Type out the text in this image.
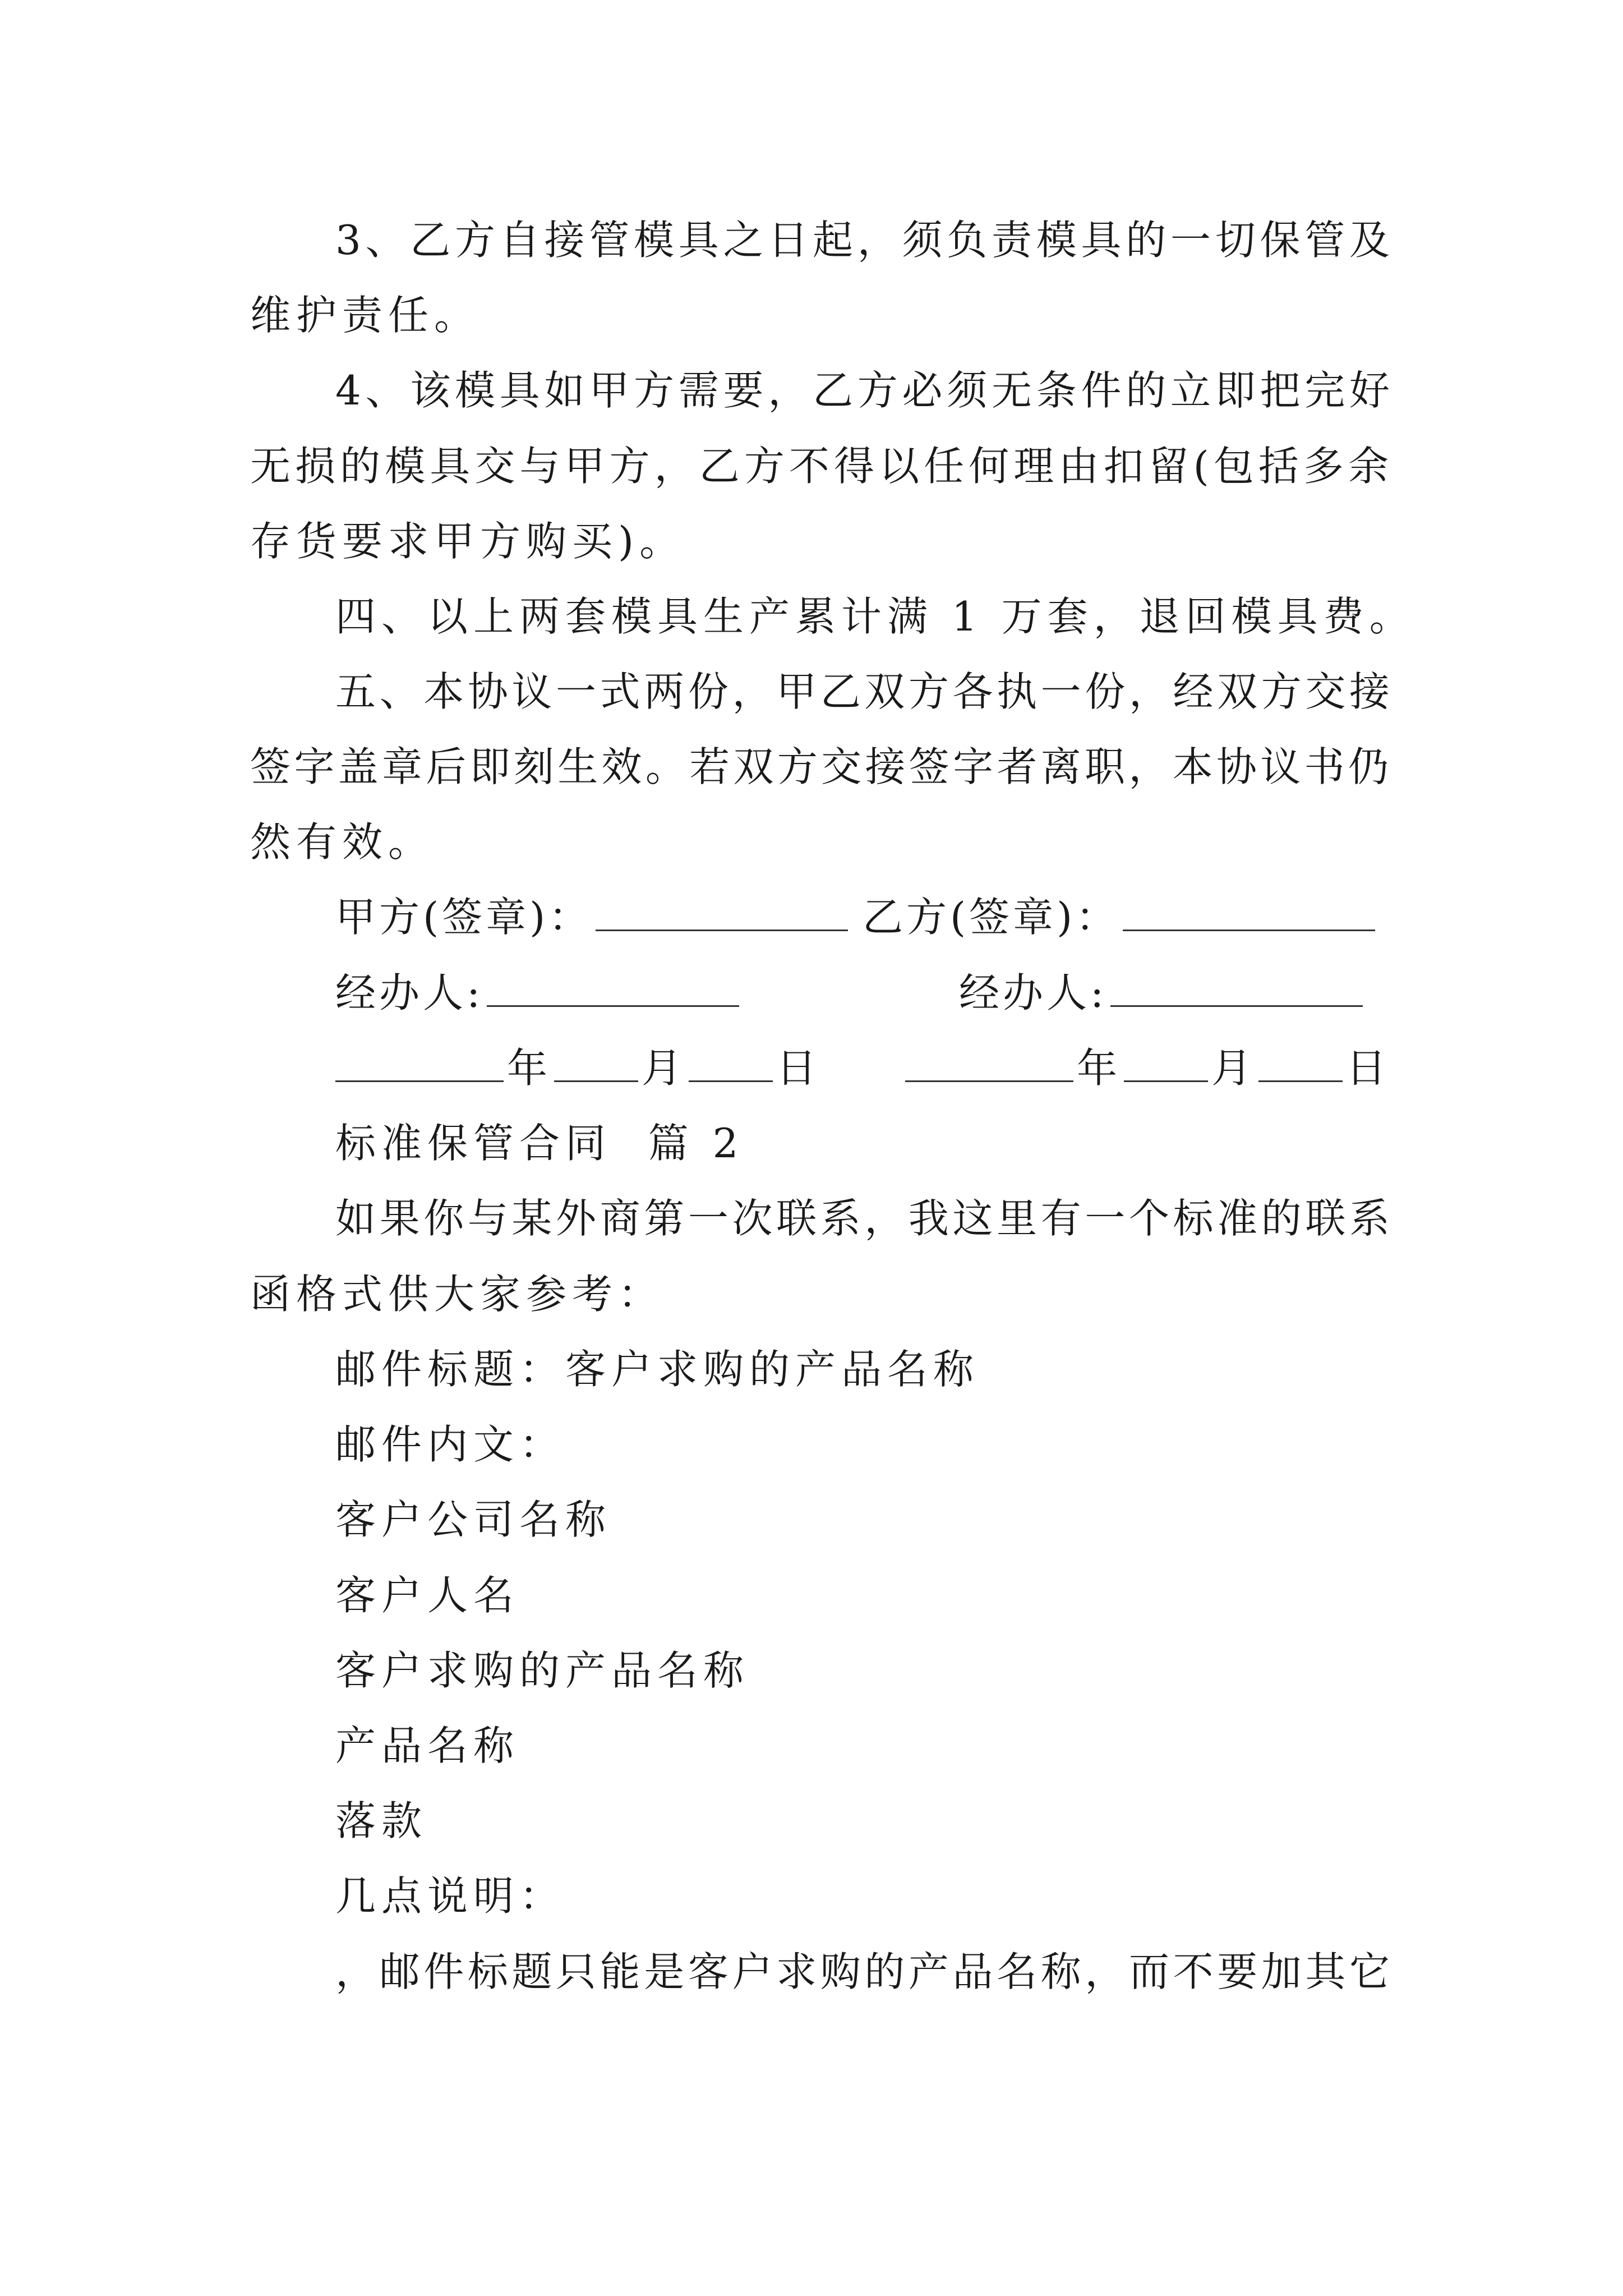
3、乙方自接管模具之日起，须负责模具的一切保管及
维护责任。
4、该模具如甲方需要，乙方必须无条件的立即把完好
无损的模具交与甲方，乙方不得以任何理由扣留(包括多余
存货要求甲方购买)。
四、以上两套模具生产累计满 1 万套，退回模具费。
五、本协议一式两份，甲乙双方各执一份，经双方交接
签字盖章后即刻生效。若双方交接签字者离职，本协议书仍
然有效。
甲方(签章)：	乙方(签章)：
经办人:	经办人:
年 月 日	年 月 日
标准保管合同  篇 2
如果你与某外商第一次联系，我这里有一个标准的联系
函格式供大家参考：
邮件标题：客户求购的产品名称
邮件内文：
客户公司名称
客户人名
客户求购的产品名称
产品名称
落款
几点说明：
，邮件标题只能是客户求购的产品名称，而不要加其它
